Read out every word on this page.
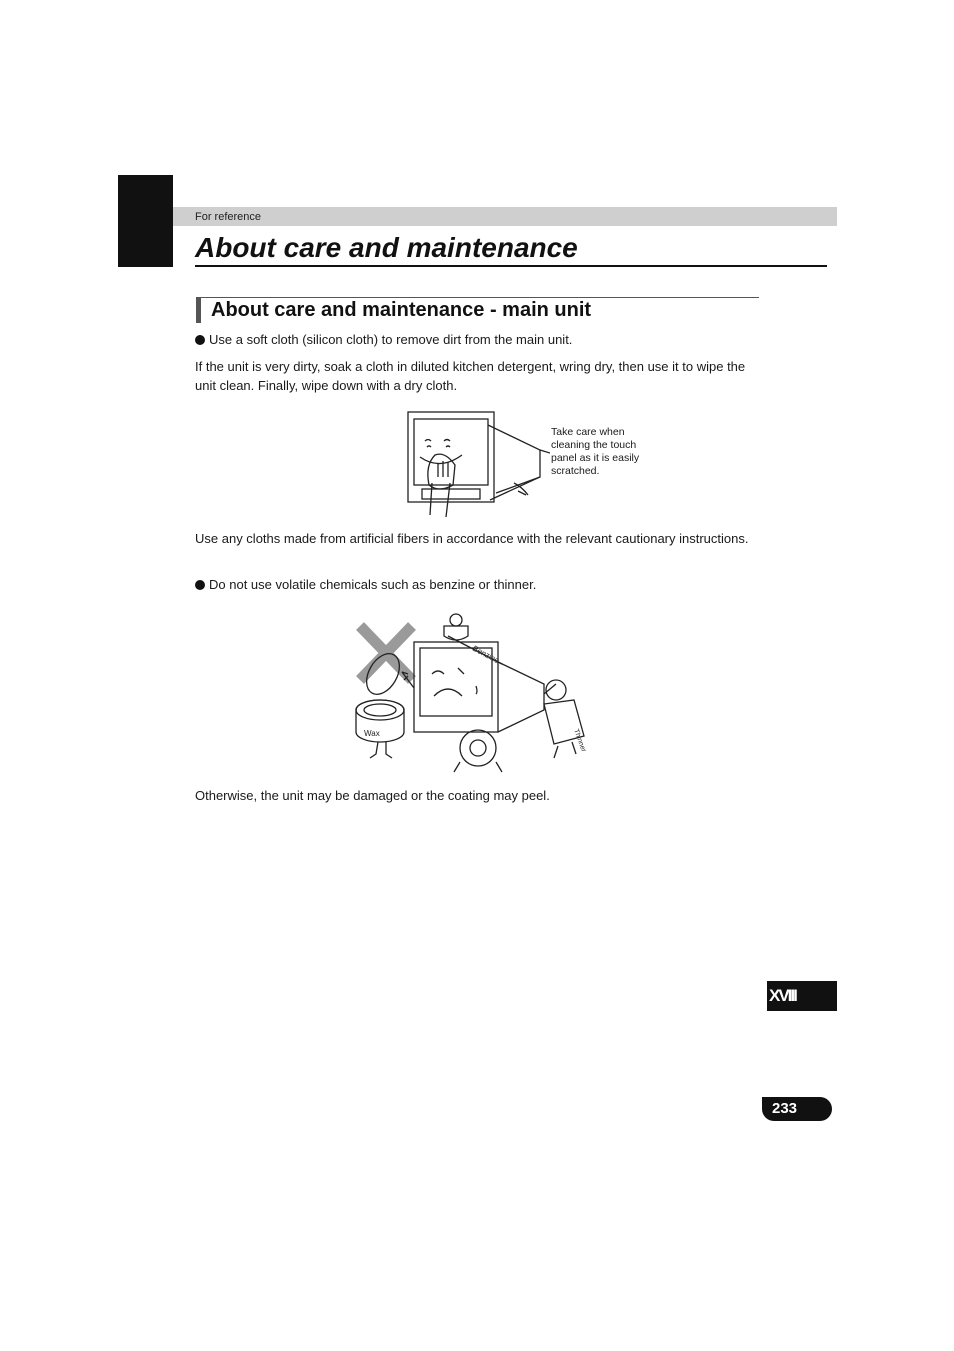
For reference
About care and maintenance
About care and maintenance - main unit

Use a soft cloth (silicon cloth) to remove dirt from the main unit.

If the unit is very dirty, soak a cloth in diluted kitchen detergent, wring dry, then use it to wipe the unit clean. Finally, wipe down with a dry cloth.

Take care when cleaning the touch panel as it is easily scratched.

Use any cloths made from artificial fibers in accordance with the relevant cautionary instructions.

Do not use volatile chemicals such as benzine or thinner.

Wax
Benzine
Thinner

Otherwise, the unit may be damaged or the coating may peel.

XVIII
233
